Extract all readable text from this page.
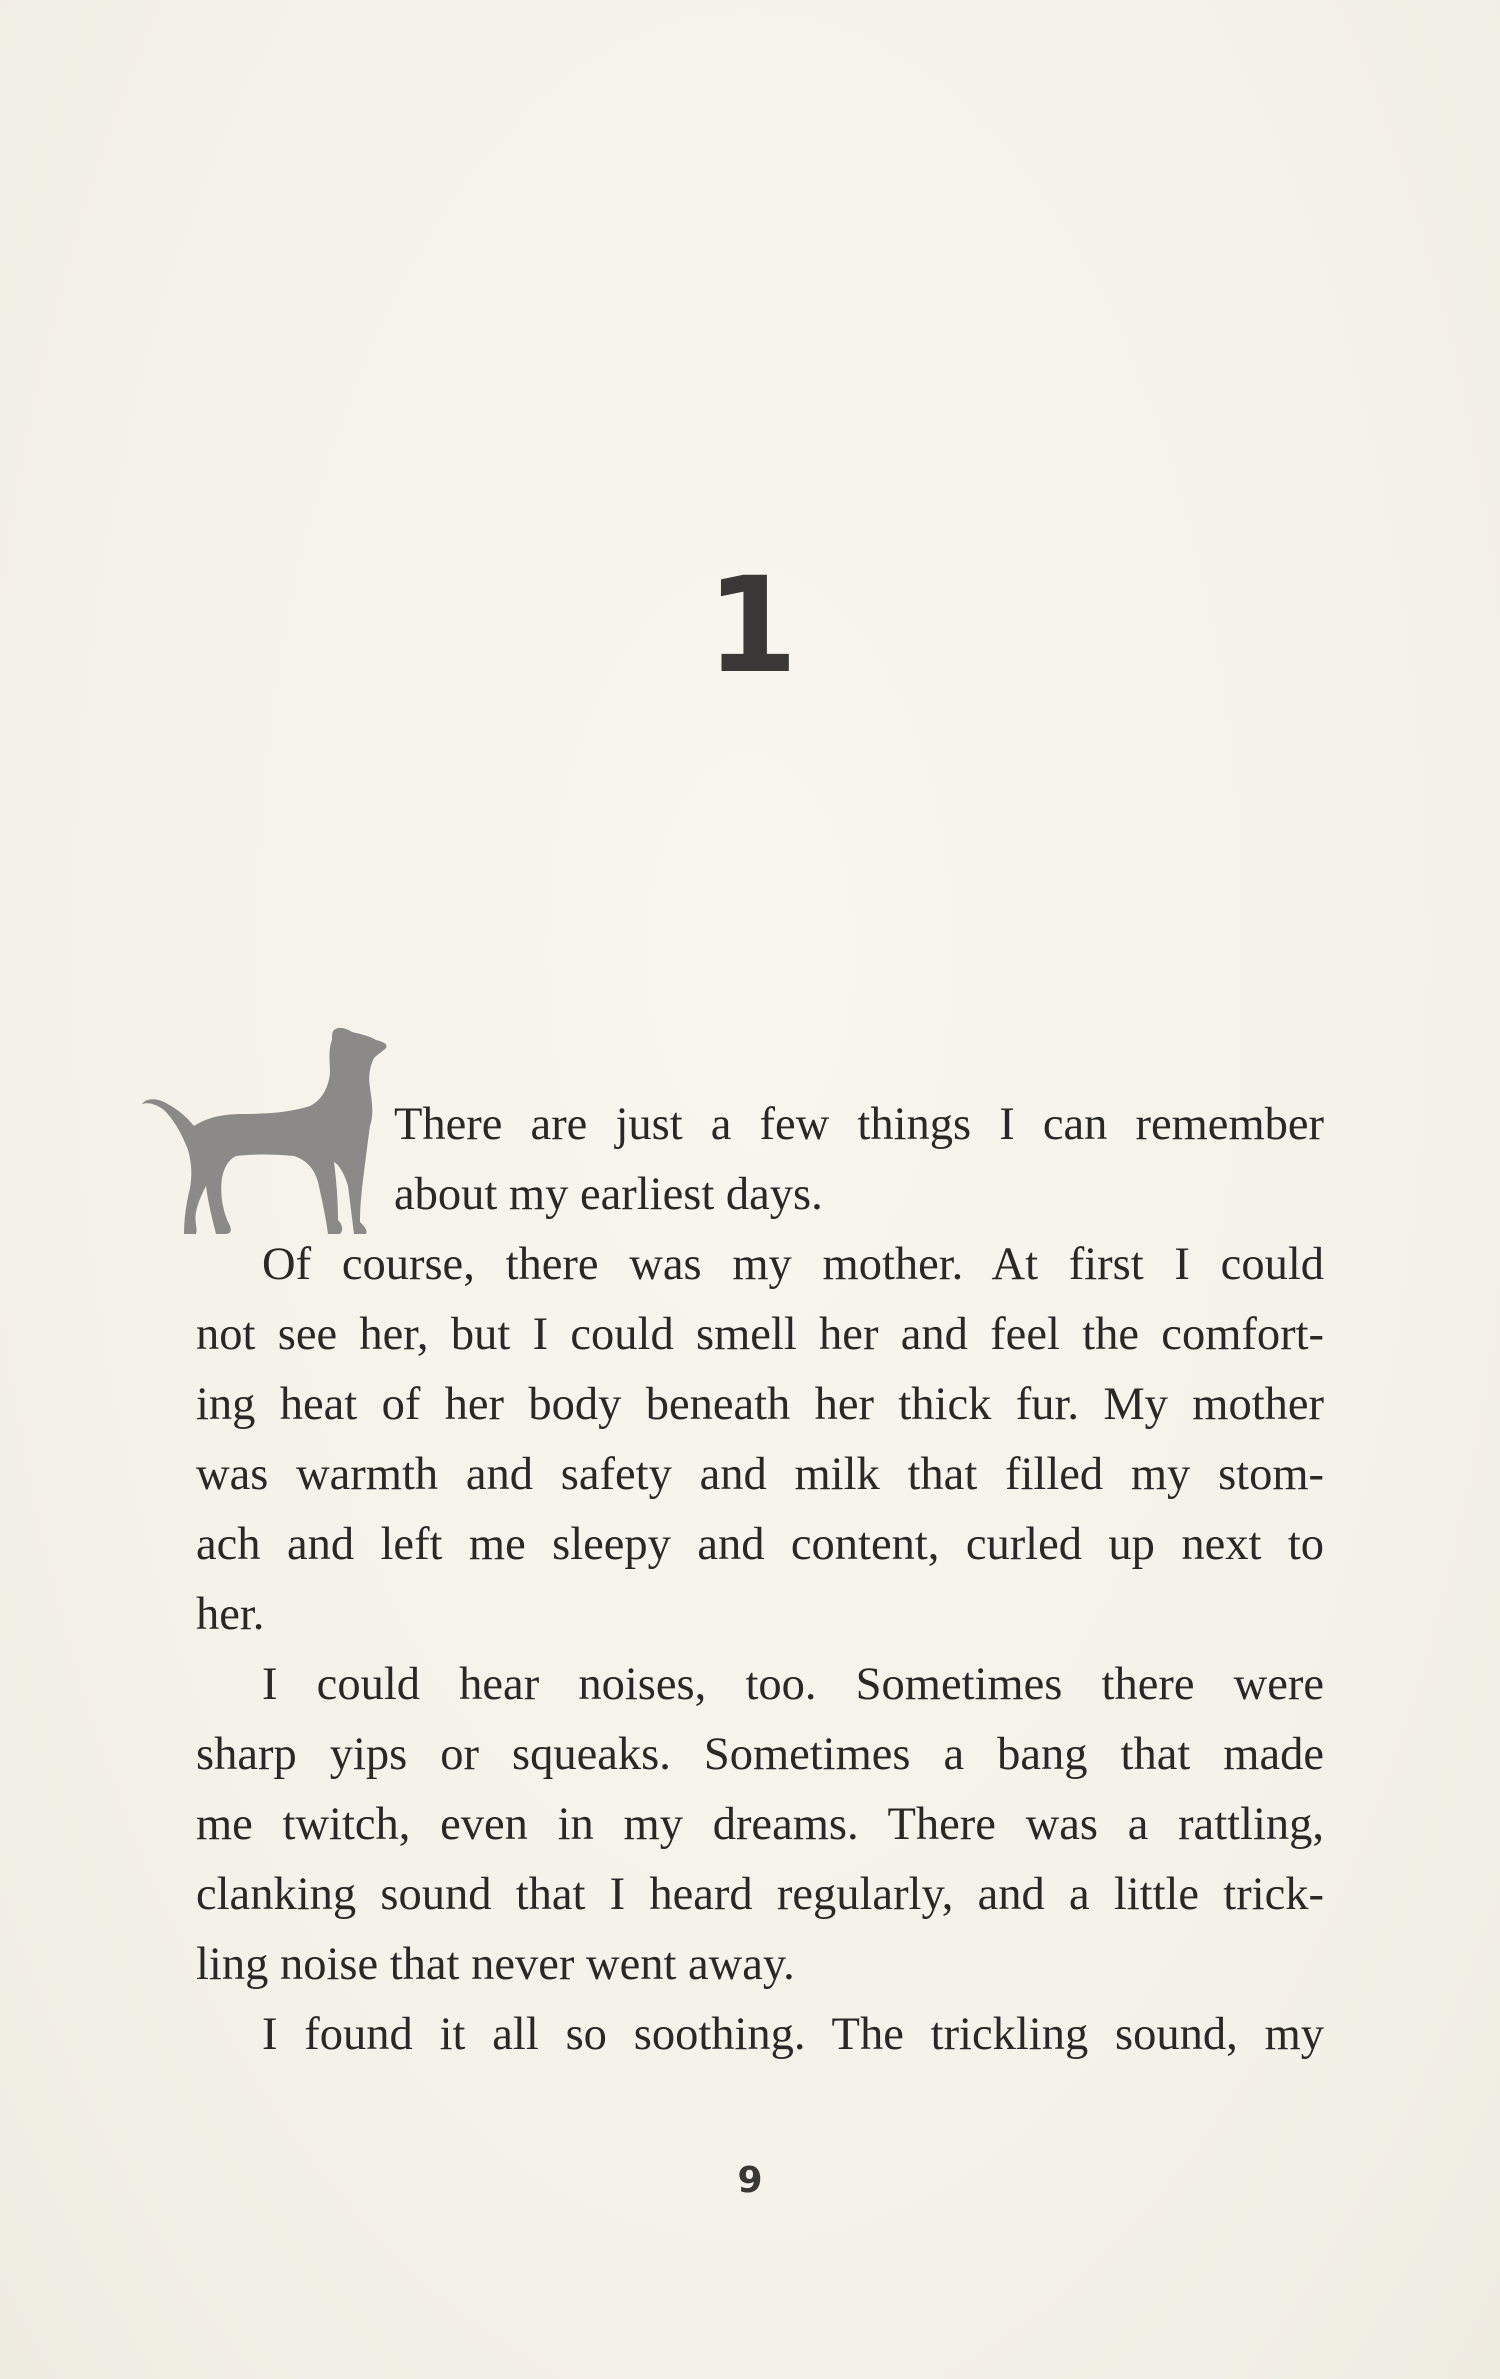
1
There are just a few things I can remember
about my earliest days.
Of course, there was my mother. At first I could
not see her, but I could smell her and feel the comfort-
ing heat of her body beneath her thick fur. My mother
was warmth and safety and milk that filled my stom-
ach and left me sleepy and content, curled up next to
her.
I could hear noises, too. Sometimes there were
sharp yips or squeaks. Sometimes a bang that made
me twitch, even in my dreams. There was a rattling,
clanking sound that I heard regularly, and a little trick-
ling noise that never went away.
I found it all so soothing. The trickling sound, my
9
